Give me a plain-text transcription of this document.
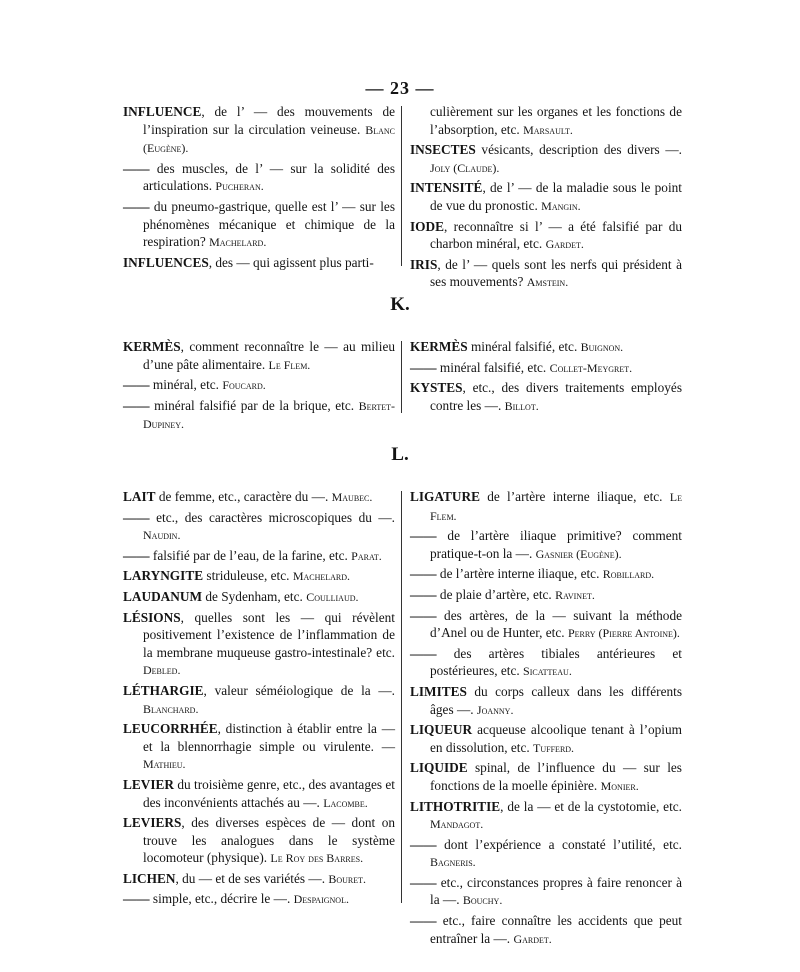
— 23 —

INFLUENCE, de l’ — des mouvements de l’inspiration sur la circulation veineuse. Blanc (Eugène).

—— des muscles, de l’ — sur la solidité des articulations. Pucheran.

—— du pneumo-gastrique, quelle est l’ — sur les phénomènes mécanique et chimique de la respiration? Machelard.

INFLUENCES, des — qui agissent plus parti-

culièrement sur les organes et les fonctions de l’absorption, etc. Marsault.

INSECTES vésicants, description des divers —. Joly (Claude).

INTENSITÉ, de l’ — de la maladie sous le point de vue du pronostic. Mangin.

IODE, reconnaître si l’ — a été falsifié par du charbon minéral, etc. Gardet.

IRIS, de l’ — quels sont les nerfs qui président à ses mouvements? Amstein.

K.

KERMÈS, comment reconnaître le — au milieu d’une pâte alimentaire. Le Flem.

—— minéral, etc. Foucard.

—— minéral falsifié par de la brique, etc. Bertet-Dupiney.

KERMÈS minéral falsifié, etc. Buignon.

—— minéral falsifié, etc. Collet-Meygret.

KYSTES, etc., des divers traitements employés contre les —. Billot.

L.

LAIT de femme, etc., caractère du —. Maubec.

—— etc., des caractères microscopiques du —. Naudin.

—— falsifié par de l’eau, de la farine, etc. Parat.

LARYNGITE striduleuse, etc. Machelard.

LAUDANUM de Sydenham, etc. Coulliaud.

LÉSIONS, quelles sont les — qui révèlent positivement l’existence de l’inflammation de la membrane muqueuse gastro-intestinale? etc. Debled.

LÉTHARGIE, valeur séméiologique de la —. Blanchard.

LEUCORRHÉE, distinction à établir entre la — et la blennorrhagie simple ou virulente. — Mathieu.

LEVIER du troisième genre, etc., des avantages et des inconvénients attachés au —. Lacombe.

LEVIERS, des diverses espèces de — dont on trouve les analogues dans le système locomoteur (physique). Le Roy des Barres.

LICHEN, du — et de ses variétés —. Bouret.

—— simple, etc., décrire le —. Despaignol.

LIGATURE de l’artère interne iliaque, etc. Le Flem.

—— de l’artère iliaque primitive? comment pratique-t-on la —. Gasnier (Eugène).

—— de l’artère interne iliaque, etc. Robillard.

—— de plaie d’artère, etc. Ravinet.

—— des artères, de la — suivant la méthode d’Anel ou de Hunter, etc. Perry (Pierre Antoine).

—— des artères tibiales antérieures et postérieures, etc. Sicatteau.

LIMITES du corps calleux dans les différents âges —. Joanny.

LIQUEUR acqueuse alcoolique tenant à l’opium en dissolution, etc. Tufferd.

LIQUIDE spinal, de l’influence du — sur les fonctions de la moelle épinière. Monier.

LITHOTRITIE, de la — et de la cystotomie, etc. Mandagot.

—— dont l’expérience a constaté l’utilité, etc. Bagneris.

—— etc., circonstances propres à faire renoncer à la —. Bouchy.

—— etc., faire connaître les accidents que peut entraîner la —. Gardet.
